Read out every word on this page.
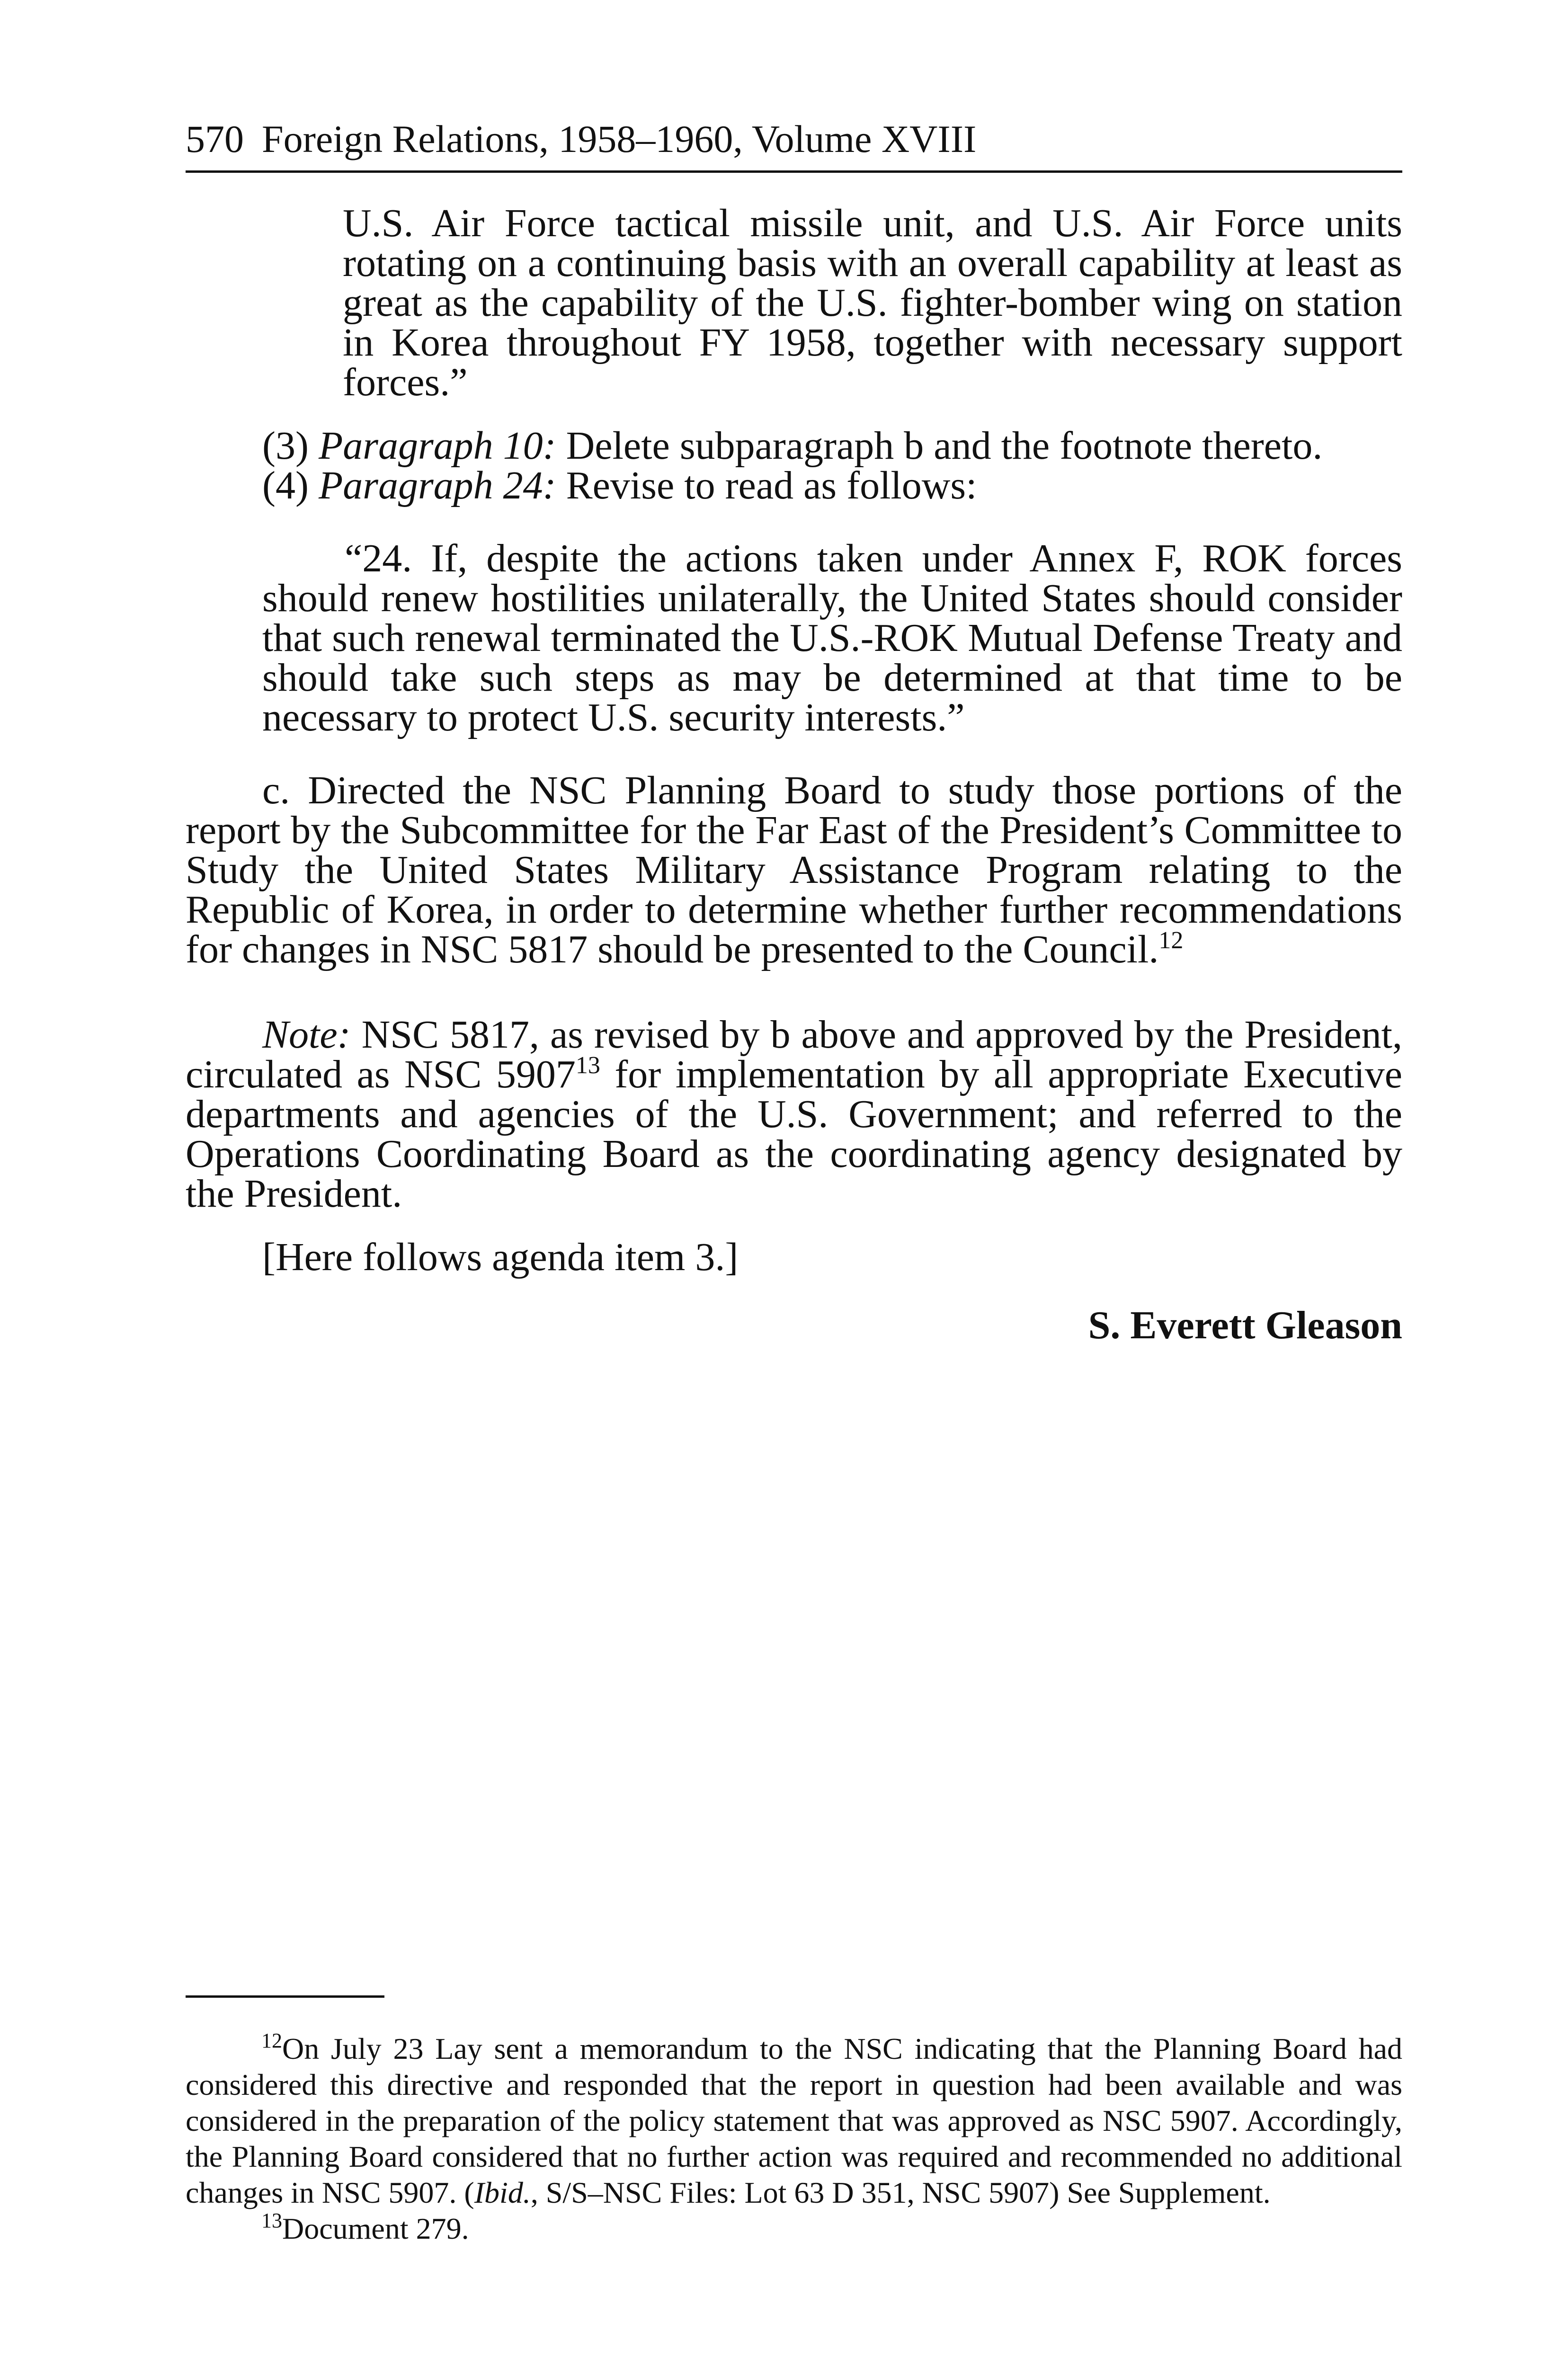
570 Foreign Relations, 1958–1960, Volume XVIII

U.S. Air Force tactical missile unit, and U.S. Air Force units rotating on a continuing basis with an overall capability at least as great as the capability of the U.S. fighter-bomber wing on station in Korea throughout FY 1958, together with necessary support forces.”

(3) Paragraph 10: Delete subparagraph b and the footnote thereto.

(4) Paragraph 24: Revise to read as follows:

“24. If, despite the actions taken under Annex F, ROK forces should renew hostilities unilaterally, the United States should consider that such renewal terminated the U.S.-ROK Mutual Defense Treaty and should take such steps as may be determined at that time to be necessary to protect U.S. security interests.”

c. Directed the NSC Planning Board to study those portions of the report by the Subcommittee for the Far East of the President’s Committee to Study the United States Military Assistance Program relating to the Republic of Korea, in order to determine whether further recommendations for changes in NSC 5817 should be presented to the Council.$^{12}$

Note: NSC 5817, as revised by b above and approved by the President, circulated as NSC 5907$^{13}$ for implementation by all appropriate Executive departments and agencies of the U.S. Government; and referred to the Operations Coordinating Board as the coordinating agency designated by the President.

[Here follows agenda item 3.]

S. Everett Gleason

$^{12}$On July 23 Lay sent a memorandum to the NSC indicating that the Planning Board had considered this directive and responded that the report in question had been available and was considered in the preparation of the policy statement that was approved as NSC 5907. Accordingly, the Planning Board considered that no further action was required and recommended no additional changes in NSC 5907. (Ibid., S/S–NSC Files: Lot 63 D 351, NSC 5907) See Supplement.

$^{13}$Document 279.
